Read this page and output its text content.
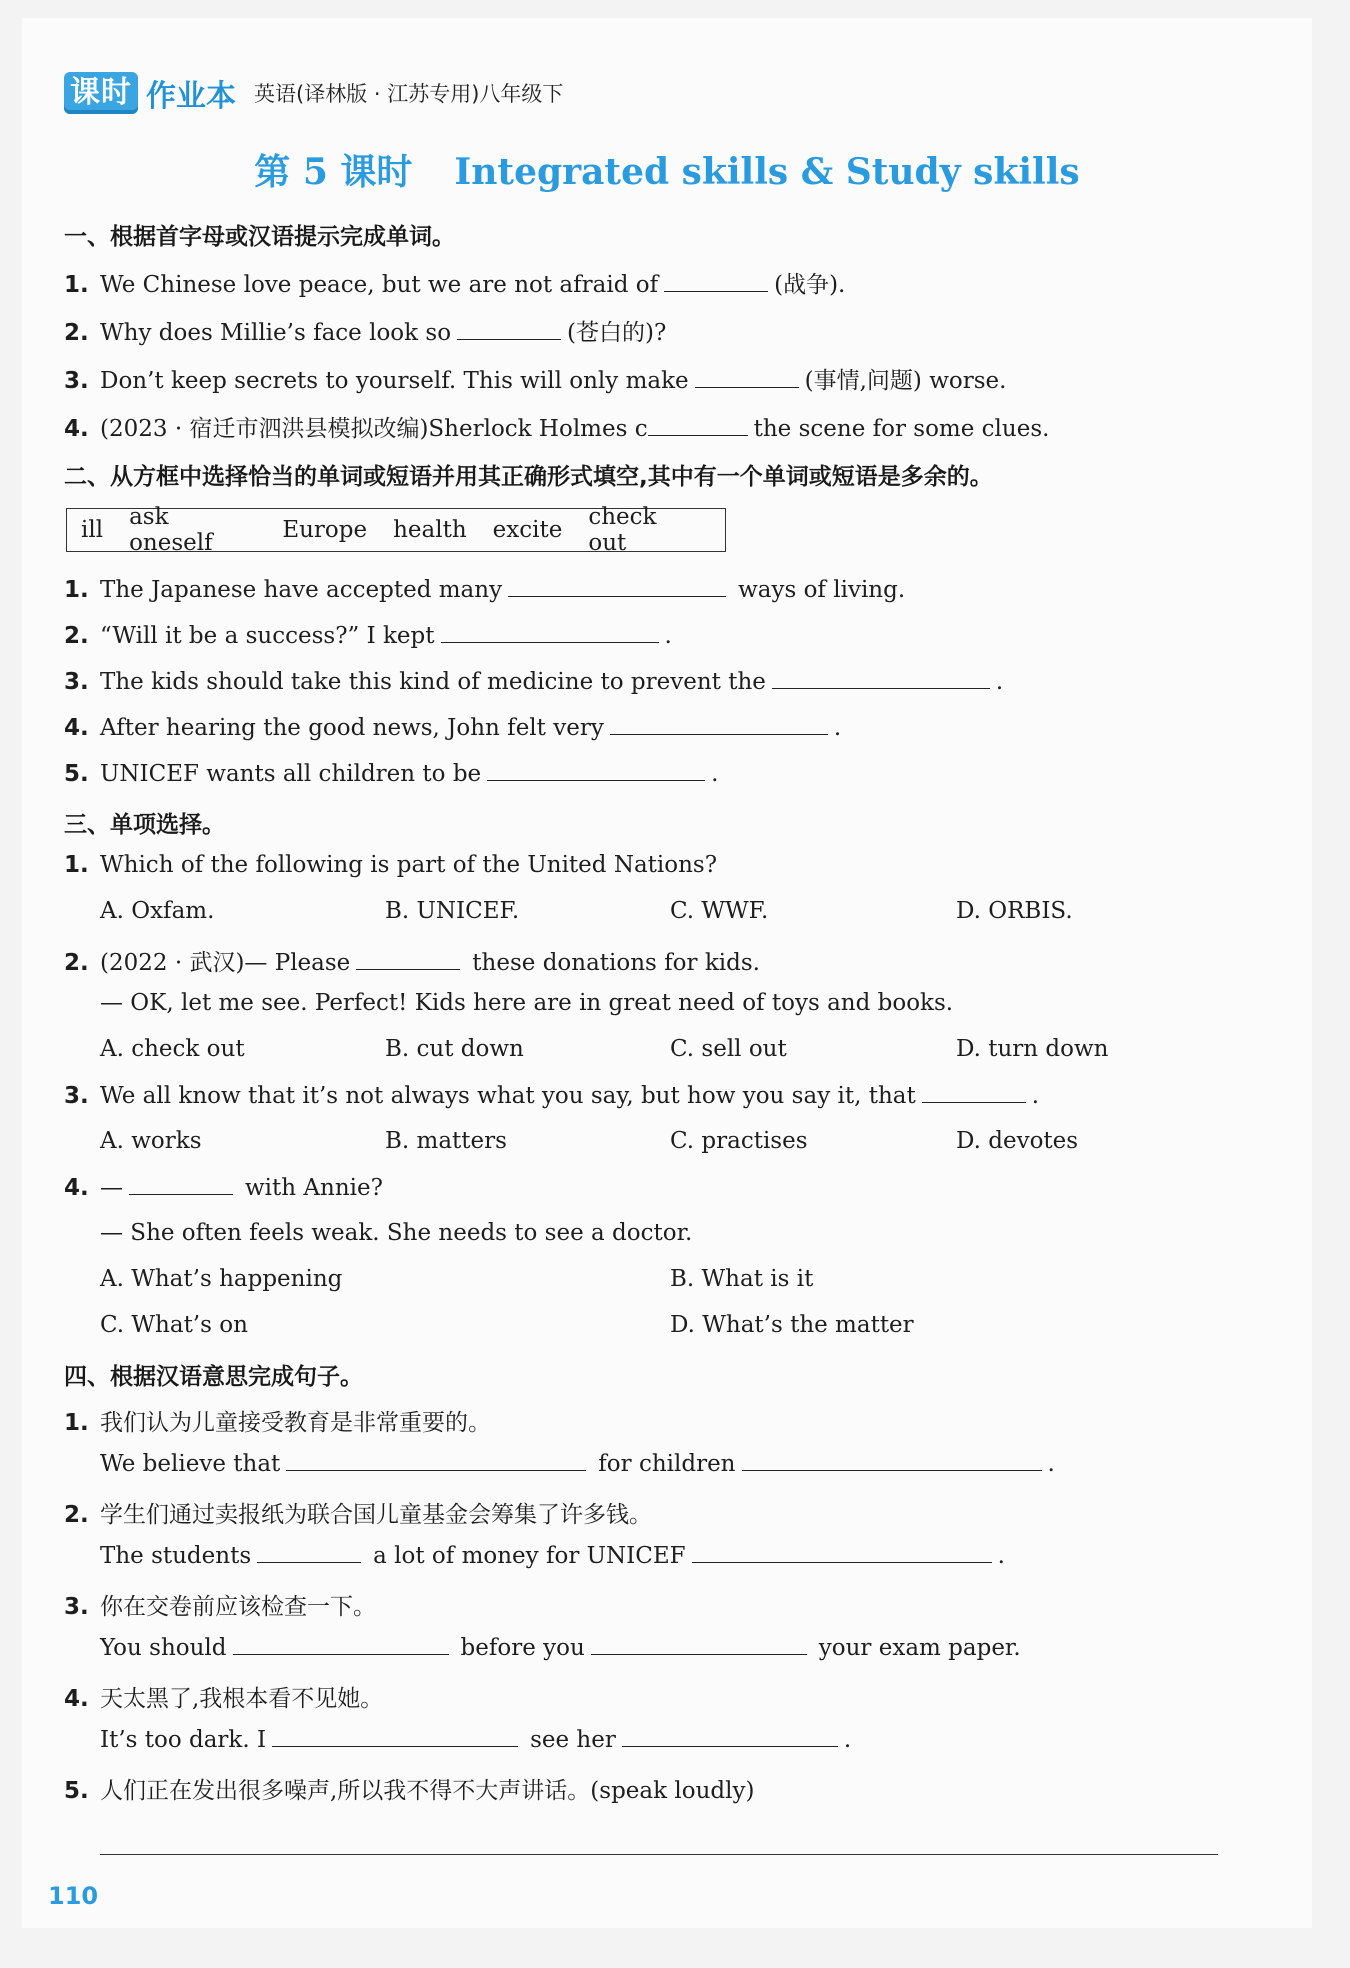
课时 作业本 英语(译林版 · 江苏专用)八年级下
第 5 课时 Integrated skills & Study skills
一、根据首字母或汉语提示完成单词。
1. We Chinese love peace, but we are not afraid of	(战争).
2. Why does Millie’s face look so	(苍白的)?
3. Don’t keep secrets to yourself. This will only make	(事情,问题) worse.
4. (2023 · 宿迁市泗洪县模拟改编)Sherlock Holmes c	the scene for some clues.
二、从方框中选择恰当的单词或短语并用其正确形式填空,其中有一个单词或短语是多余的。
ill ask oneself	Europe health excite check out
1. The Japanese have accepted many	ways of living.
2. “Will it be a success?” I kept	.
3. The kids should take this kind of medicine to prevent the	.
4. After hearing the good news, John felt very	.
5. UNICEF wants all children to be	.
三、单项选择。
1. Which of the following is part of the United Nations?
A. Oxfam.	B. UNICEF.	C. WWF.	D. ORBIS.
2. (2022 · 武汉)— Please	these donations for kids.
— OK, let me see. Perfect! Kids here are in great need of toys and books.
A. check out	B. cut down	C. sell out	D. turn down
3. We all know that it’s not always what you say, but how you say it, that	.
A. works	B. matters	C. practises	D. devotes
4. —	with Annie?
— She often feels weak. She needs to see a doctor.
A. What’s happening	B. What is it
C. What’s on	D. What’s the matter
四、根据汉语意思完成句子。
1. 我们认为儿童接受教育是非常重要的。
We believe that	for children	.
2. 学生们通过卖报纸为联合国儿童基金会筹集了许多钱。
The students	a lot of money for UNICEF	.
3. 你在交卷前应该检查一下。
You should	before you	your exam paper.
4. 天太黑了,我根本看不见她。
It’s too dark. I	see her	.
5. 人们正在发出很多噪声,所以我不得不大声讲话。(speak loudly)
110
